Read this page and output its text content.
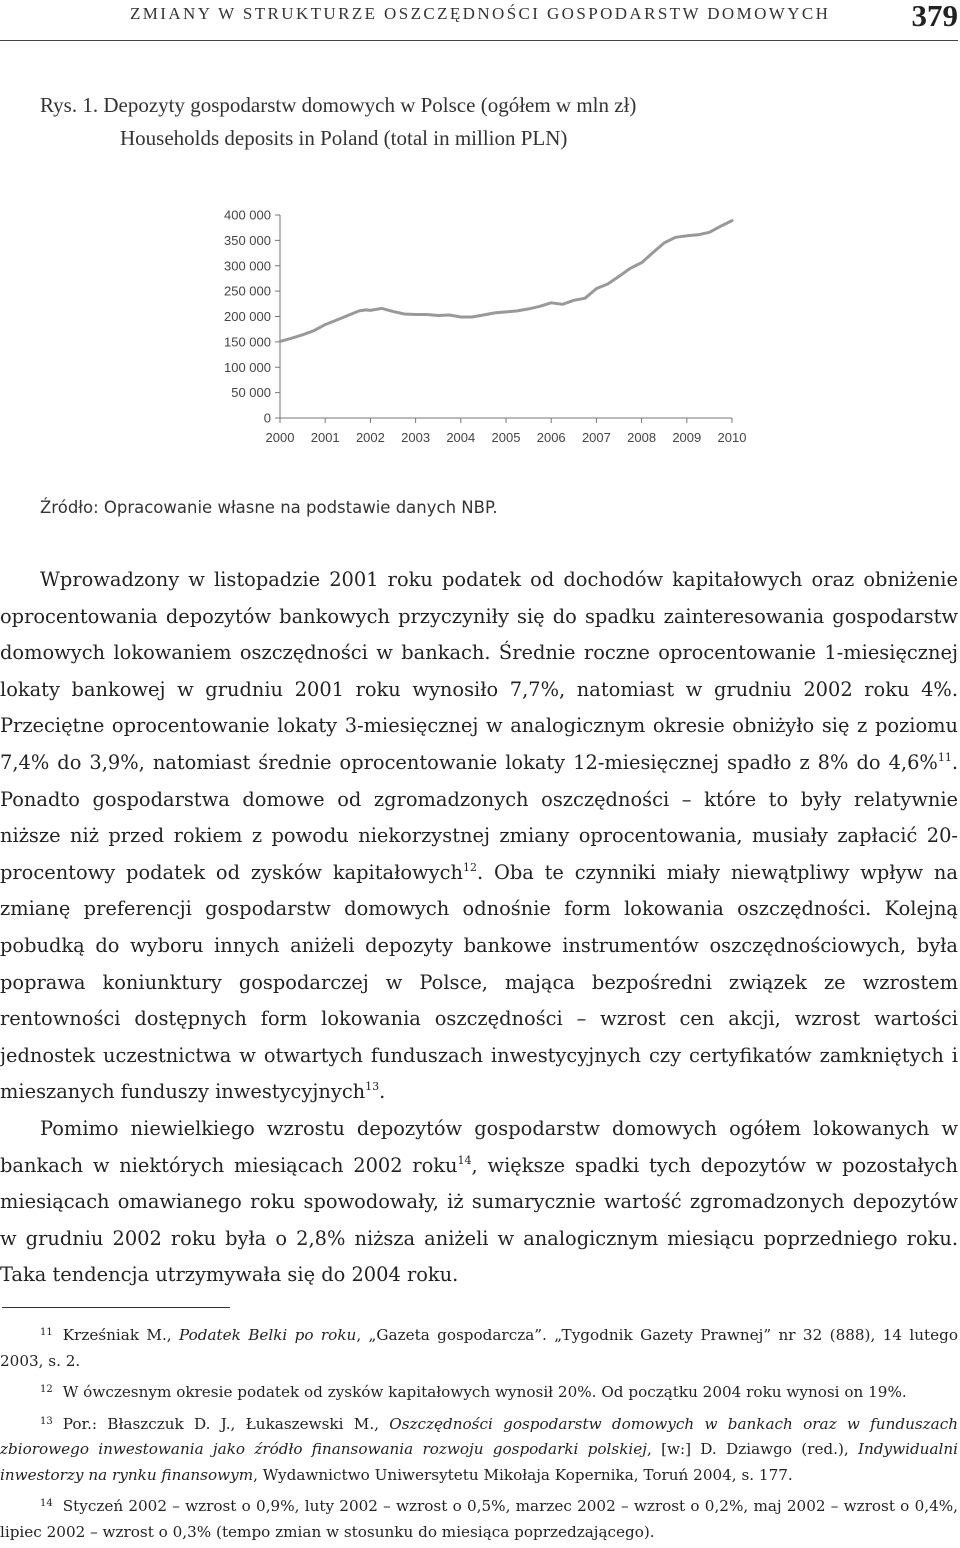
ZMIANY W STRUKTURZE OSZCZĘDNOŚCI GOSPODARSTW DOMOWYCH	379
Rys. 1. Depozyty gospodarstw domowych w Polsce (ogółem w mln zł)
Households deposits in Poland (total in million PLN)
400 000
350 000
300 000
250 000
200 000
150 000
100 000
50 000
0
2000 2001 2002 2003 2004 2005 2006 2007 2008 2009 2010
Źródło: Opracowanie własne na podstawie danych NBP.

Wprowadzony w listopadzie 2001 roku podatek od dochodów kapitałowych oraz obniżenie oprocentowania depozytów bankowych przyczyniły się do spadku zainteresowania gospodarstw domowych lokowaniem oszczędności w bankach. Średnie roczne oprocentowanie 1-miesięcznej lokaty bankowej w grudniu 2001 roku wynosiło 7,7%, natomiast w grudniu 2002 roku 4%. Przeciętne oprocentowanie lokaty 3-miesięcznej w analogicznym okresie obniżyło się z poziomu 7,4% do 3,9%, natomiast średnie oprocentowanie lokaty 12-miesięcznej spadło z 8% do 4,6%$^{11}$. Ponadto gospodarstwa domowe od zgromadzonych oszczędności – które to były relatywnie niższe niż przed rokiem z powodu niekorzystnej zmiany oprocentowania, musiały zapłacić 20-procentowy podatek od zysków kapitałowych$^{12}$. Oba te czynniki miały niewątpliwy wpływ na zmianę preferencji gospodarstw domowych odnośnie form lokowania oszczędności. Kolejną pobudką do wyboru innych aniżeli depozyty bankowe instrumentów oszczędnościowych, była poprawa koniunktury gospodarczej w Polsce, mająca bezpośredni związek ze wzrostem rentowności dostępnych form lokowania oszczędności – wzrost cen akcji, wzrost wartości jednostek uczestnictwa w otwartych funduszach inwestycyjnych czy certyfikatów zamkniętych i mieszanych funduszy inwestycyjnych$^{13}$.

Pomimo niewielkiego wzrostu depozytów gospodarstw domowych ogółem lokowanych w bankach w niektórych miesiącach 2002 roku$^{14}$, większe spadki tych depozytów w pozostałych miesiącach omawianego roku spowodowały, iż sumarycznie wartość zgromadzonych depozytów w grudniu 2002 roku była o 2,8% niższa aniżeli w analogicznym miesiącu poprzedniego roku. Taka tendencja utrzymywała się do 2004 roku.

$^{11}$ Krześniak M., Podatek Belki po roku, „Gazeta gospodarcza”. „Tygodnik Gazety Prawnej” nr 32 (888), 14 lutego 2003, s. 2.

$^{12}$ W ówczesnym okresie podatek od zysków kapitałowych wynosił 20%. Od początku 2004 roku wynosi on 19%.

$^{13}$ Por.: Błaszczuk D. J., Łukaszewski M., Oszczędności gospodarstw domowych w bankach oraz w funduszach zbiorowego inwestowania jako źródło finansowania rozwoju gospodarki polskiej, [w:] D. Dziawgo (red.), Indywidualni inwestorzy na rynku finansowym, Wydawnictwo Uniwersytetu Mikołaja Kopernika, Toruń 2004, s. 177.

$^{14}$ Styczeń 2002 – wzrost o 0,9%, luty 2002 – wzrost o 0,5%, marzec 2002 – wzrost o 0,2%, maj 2002 – wzrost o 0,4%, lipiec 2002 – wzrost o 0,3% (tempo zmian w stosunku do miesiąca poprzedzającego).
